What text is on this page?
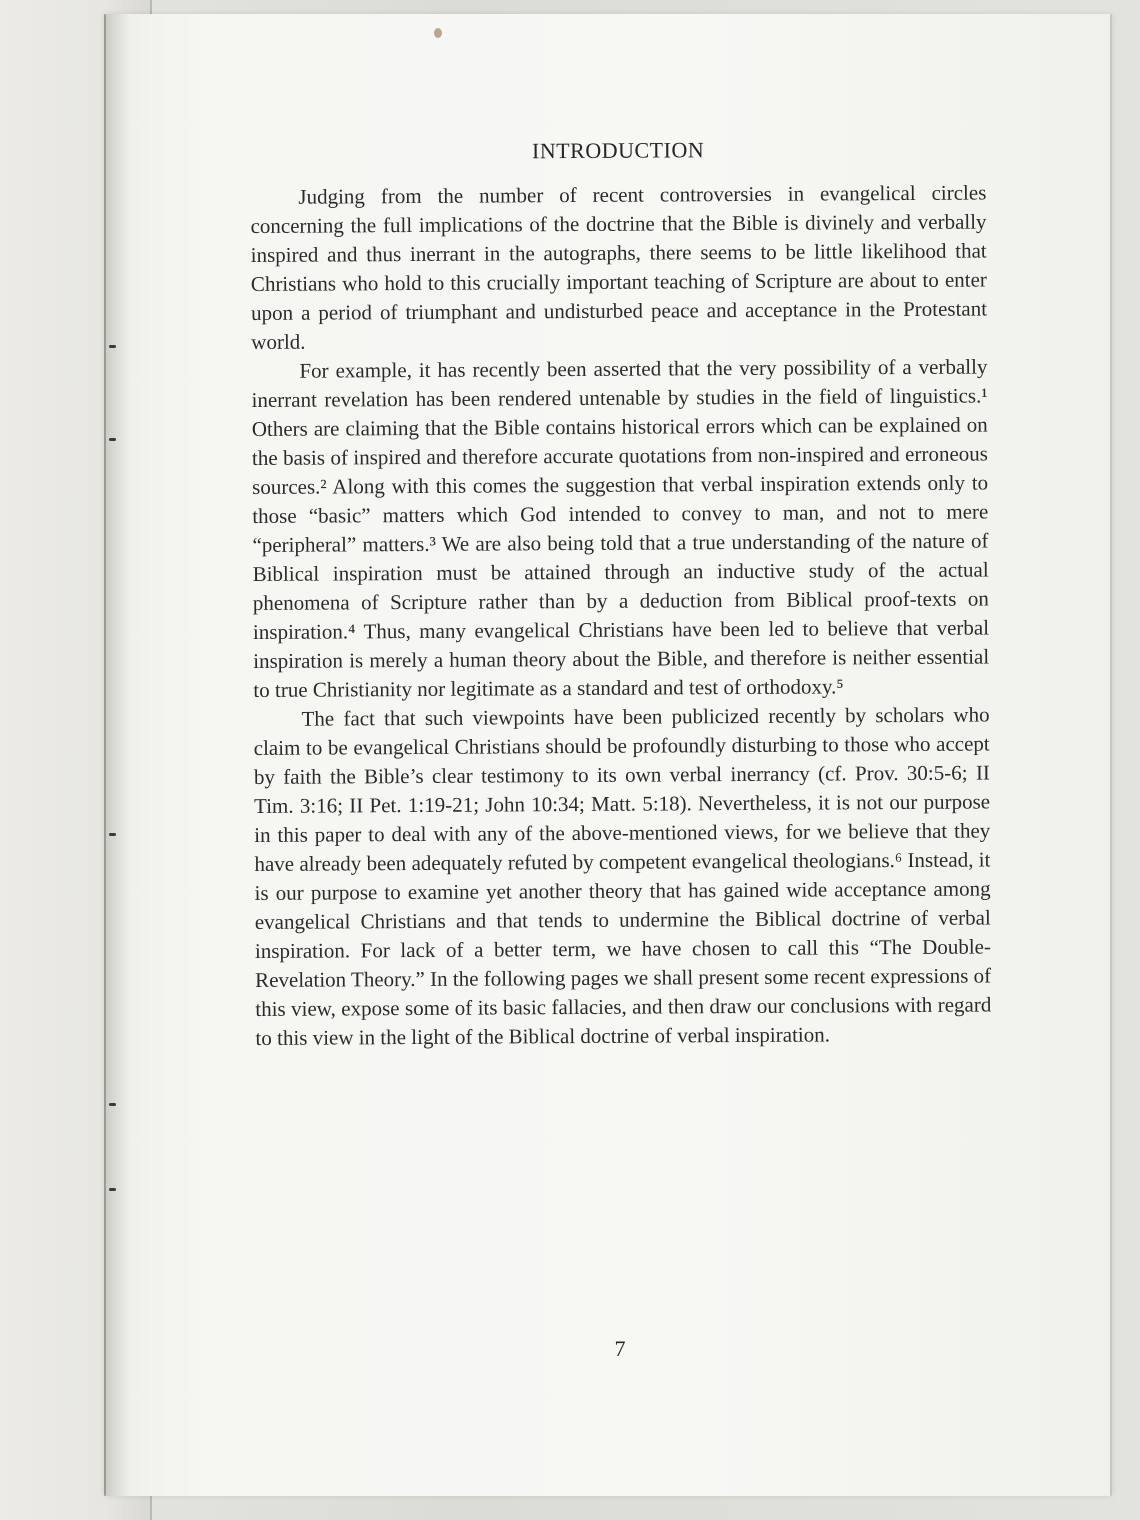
INTRODUCTION

Judging from the number of recent controversies in evangelical circles concerning the full implications of the doctrine that the Bible is divinely and verbally inspired and thus inerrant in the autographs, there seems to be little likelihood that Christians who hold to this crucially important teaching of Scripture are about to enter upon a period of triumphant and undisturbed peace and acceptance in the Protestant world.

For example, it has recently been asserted that the very possibility of a verbally inerrant revelation has been rendered untenable by studies in the field of linguistics.¹ Others are claiming that the Bible contains historical errors which can be explained on the basis of inspired and therefore accurate quotations from non-inspired and erroneous sources.² Along with this comes the suggestion that verbal inspiration extends only to those “basic” matters which God intended to convey to man, and not to mere “peripheral” matters.³ We are also being told that a true understanding of the nature of Biblical inspiration must be attained through an inductive study of the actual phenomena of Scripture rather than by a deduction from Biblical proof-texts on inspiration.⁴ Thus, many evangelical Christians have been led to believe that verbal inspiration is merely a human theory about the Bible, and therefore is neither essential to true Christianity nor legitimate as a standard and test of orthodoxy.⁵

The fact that such viewpoints have been publicized recently by scholars who claim to be evangelical Christians should be profoundly disturbing to those who accept by faith the Bible’s clear testimony to its own verbal inerrancy (cf. Prov. 30:5-6; II Tim. 3:16; II Pet. 1:19-21; John 10:34; Matt. 5:18). Nevertheless, it is not our purpose in this paper to deal with any of the above-mentioned views, for we believe that they have already been adequately refuted by competent evangelical theologians.⁶ Instead, it is our purpose to examine yet another theory that has gained wide acceptance among evangelical Christians and that tends to undermine the Biblical doctrine of verbal inspiration. For lack of a better term, we have chosen to call this “The Double-Revelation Theory.” In the following pages we shall present some recent expressions of this view, expose some of its basic fallacies, and then draw our conclusions with regard to this view in the light of the Biblical doctrine of verbal inspiration.

7
